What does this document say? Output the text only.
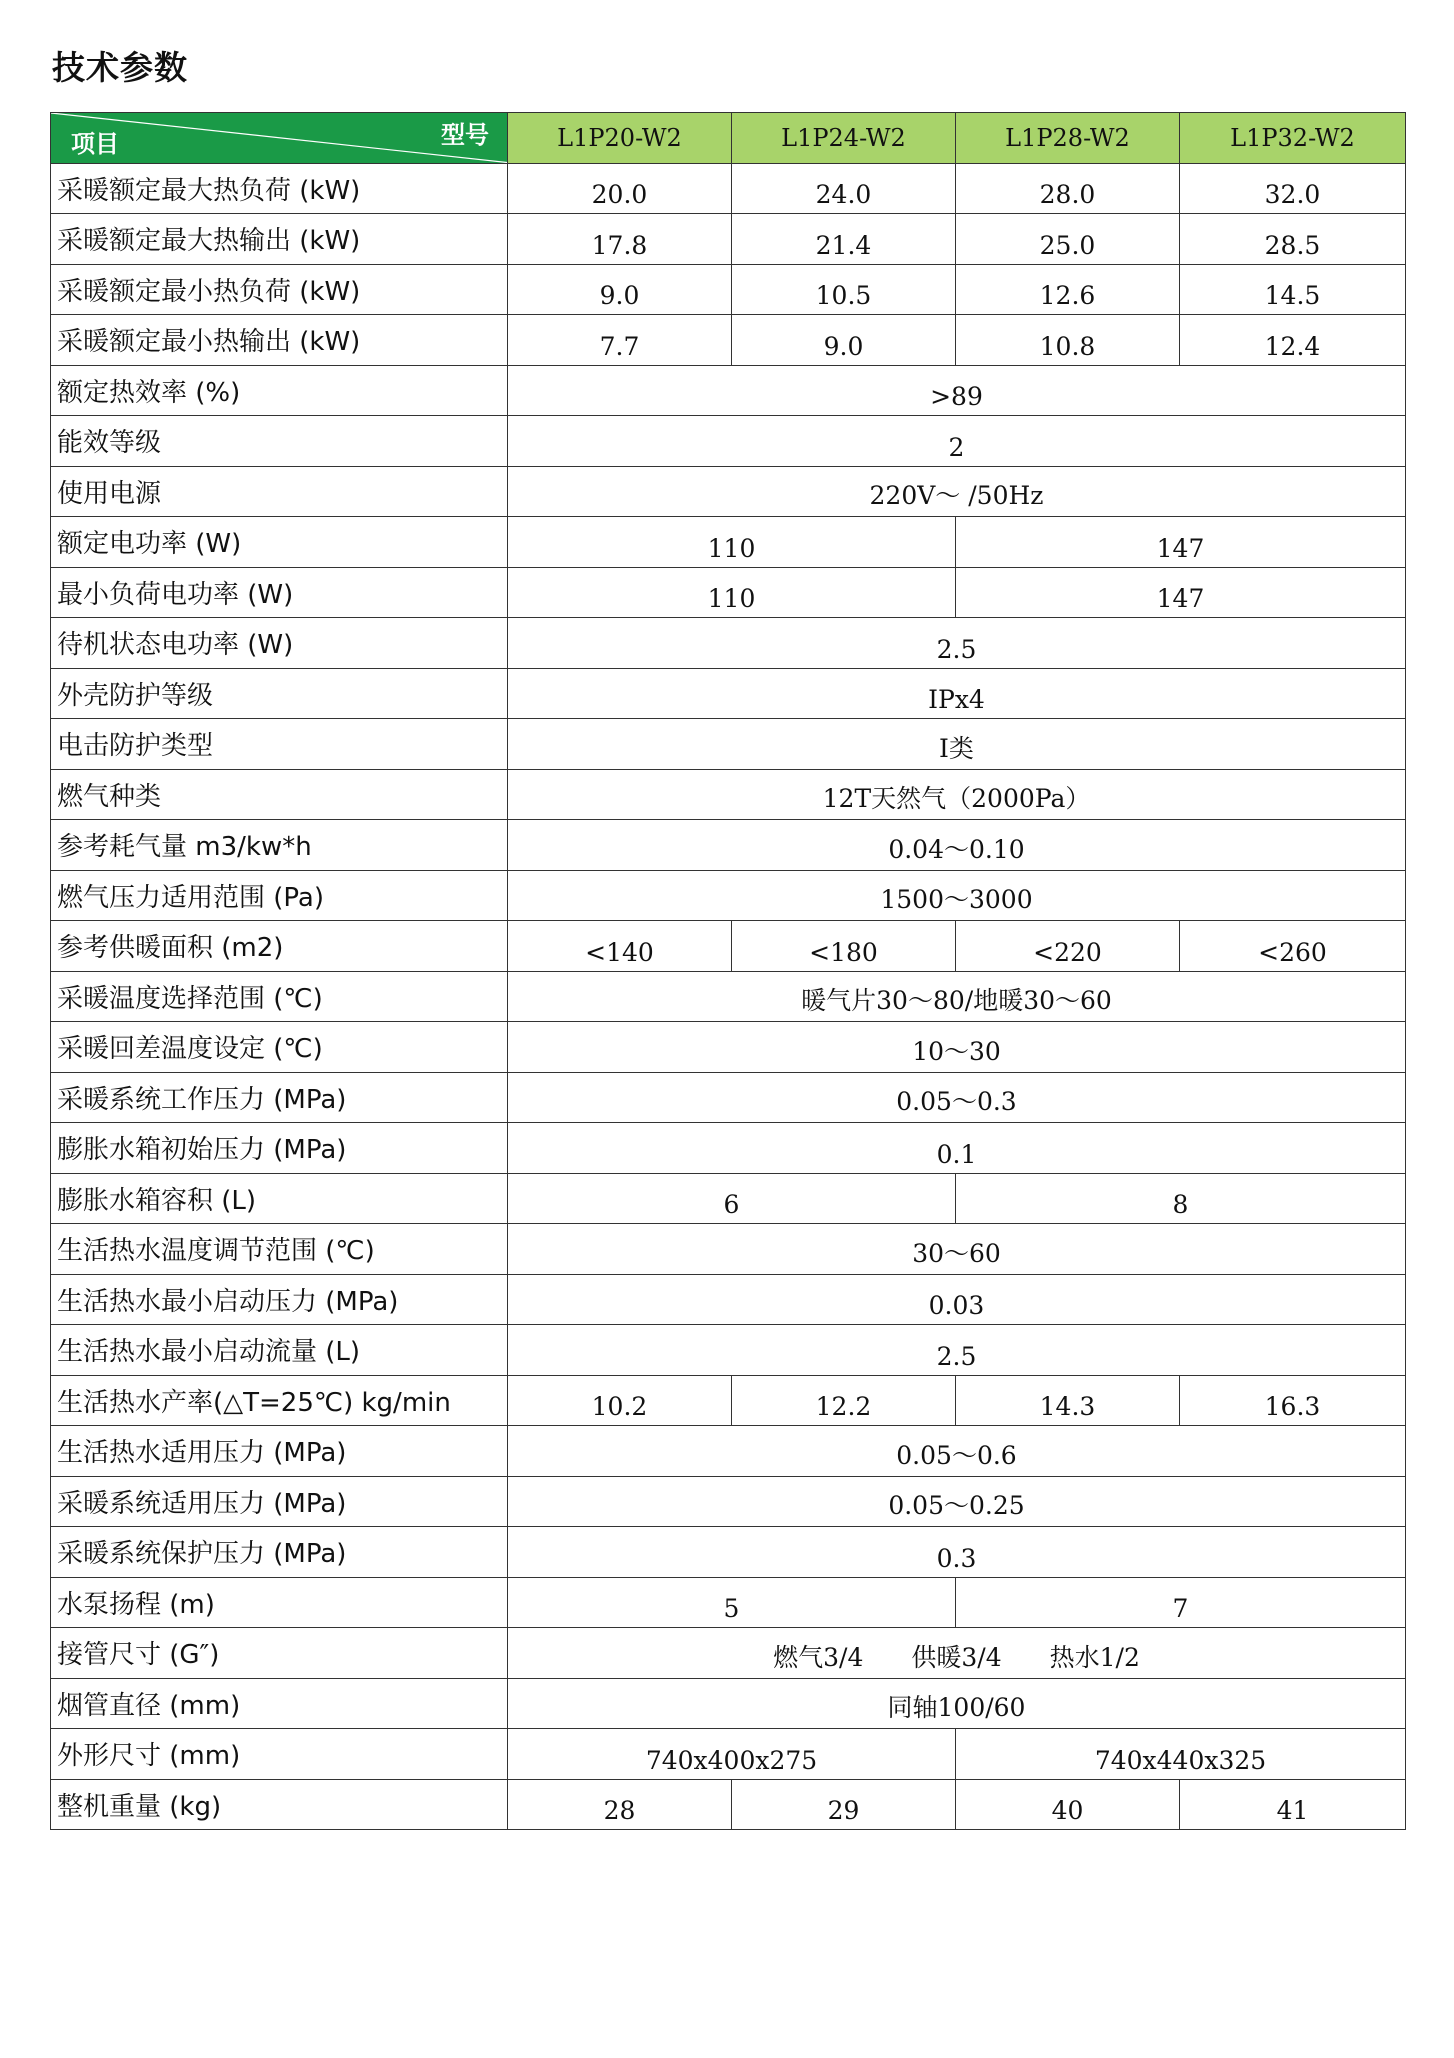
技术参数
项目 型号	L1P20-W2	L1P24-W2	L1P28-W2	L1P32-W2
采暖额定最大热负荷 (kW)	20.0	24.0	28.0	32.0
采暖额定最大热输出 (kW)	17.8	21.4	25.0	28.5
采暖额定最小热负荷 (kW)	9.0	10.5	12.6	14.5
采暖额定最小热输出 (kW)	7.7	9.0	10.8	12.4
额定热效率 (%)	>89			
能效等级	2			
使用电源	220V～ /50Hz			
额定电功率 (W)	110		147	
最小负荷电功率 (W)	110		147	
待机状态电功率 (W)	2.5			
外壳防护等级	IPx4			
电击防护类型	I类			
燃气种类	12T天然气（2000Pa）			
参考耗气量 m3/kw*h	0.04～0.10			
燃气压力适用范围 (Pa)	1500～3000			
参考供暖面积 (m2)	<140	<180	<220	<260
采暖温度选择范围 (℃)	暖气片30～80/地暖30～60			
采暖回差温度设定 (℃)	10～30			
采暖系统工作压力 (MPa)	0.05～0.3			
膨胀水箱初始压力 (MPa)	0.1			
膨胀水箱容积 (L)	6		8	
生活热水温度调节范围 (℃)	30～60			
生活热水最小启动压力 (MPa)	0.03			
生活热水最小启动流量 (L)	2.5			
生活热水产率(△T=25℃) kg/min	10.2	12.2	14.3	16.3
生活热水适用压力 (MPa)	0.05～0.6			
采暖系统适用压力 (MPa)	0.05～0.25			
采暖系统保护压力 (MPa)	0.3			
水泵扬程 (m)	5		7	
接管尺寸 (G″)	燃气3/4 供暖3/4 热水1/2			
烟管直径 (mm)	同轴100/60			
外形尺寸 (mm)	740x400x275		740x440x325	
整机重量 (kg)	28	29	40	41
